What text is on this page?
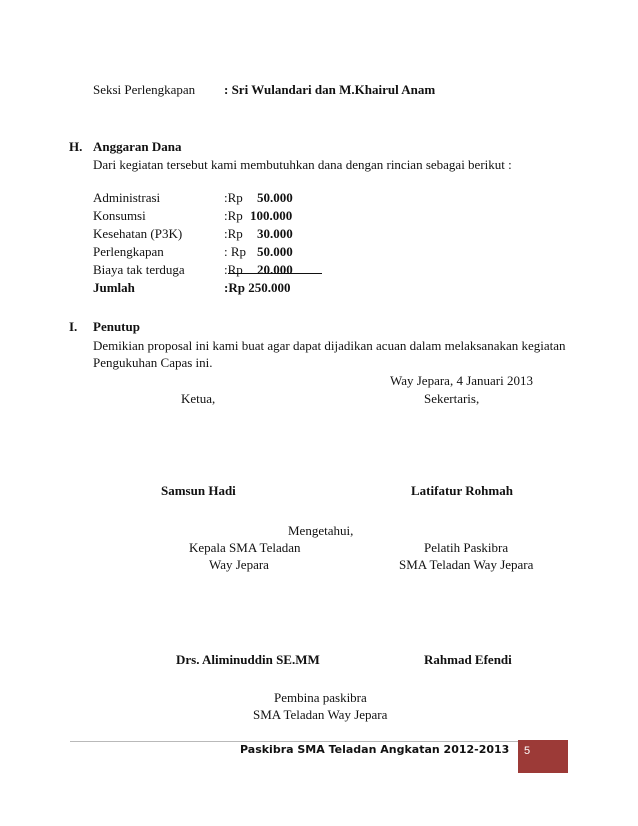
Seksi Perlengkapan : Sri Wulandari dan M.Khairul Anam
H. Anggaran Dana
Dari kegiatan tersebut kami membutuhkan dana dengan rincian sebagai berikut :
Administrasi	:Rp 50.000
Konsumsi	:Rp 100.000
Kesehatan (P3K)	:Rp 30.000
Perlengkapan	: Rp 50.000
Biaya tak terduga	:Rp 20.000
Jumlah	:Rp 250.000
I. Penutup
Demikian proposal ini kami buat agar dapat dijadikan acuan dalam melaksanakan kegiatan
Pengukuhan Capas ini.
Way Jepara, 4 Januari 2013
Ketua,	Sekertaris,
Samsun Hadi	Latifatur Rohmah
Mengetahui,
Kepala SMA Teladan
Way Jepara
Pelatih Paskibra
SMA Teladan Way Jepara
Drs. Aliminuddin SE.MM	Rahmad Efendi
Pembina paskibra
SMA Teladan Way Jepara
Paskibra SMA Teladan Angkatan 2012-2013 5
